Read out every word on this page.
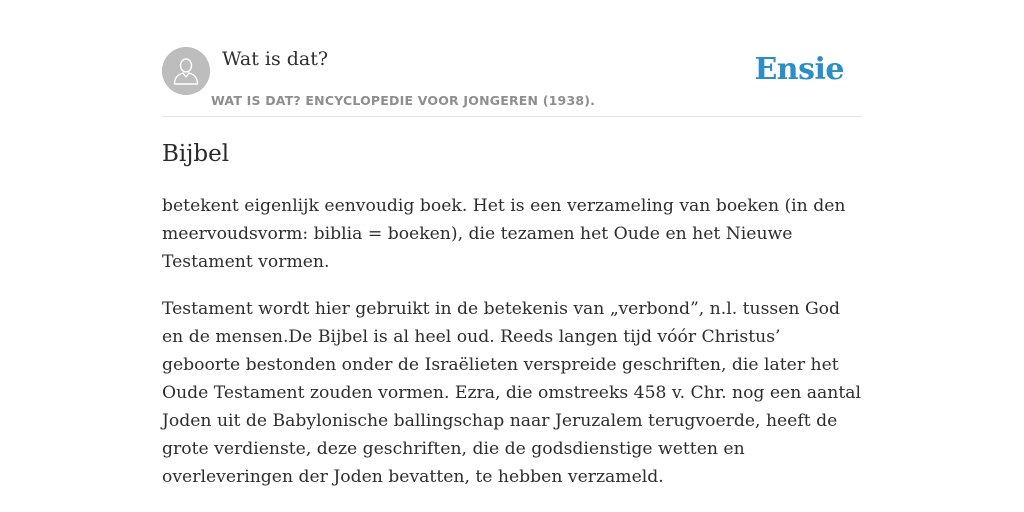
Wat is dat?
WAT IS DAT? ENCYCLOPEDIE VOOR JONGEREN (1938).
Ensie
Bijbel

betekent eigenlijk eenvoudig boek. Het is een verzameling van boeken (in den meervoudsvorm: biblia = boeken), die tezamen het Oude en het Nieuwe Testament vormen.

Testament wordt hier gebruikt in de betekenis van „verbond”, n.l. tussen God en de mensen.De Bijbel is al heel oud. Reeds langen tijd vóór Christus’ geboorte bestonden onder de Israëlieten verspreide geschriften, die later het Oude Testament zouden vormen. Ezra, die omstreeks 458 v. Chr. nog een aantal Joden uit de Babylonische ballingschap naar Jeruzalem terugvoerde, heeft de grote verdienste, deze geschriften, die de godsdienstige wetten en overleveringen der Joden bevatten, te hebben verzameld.
